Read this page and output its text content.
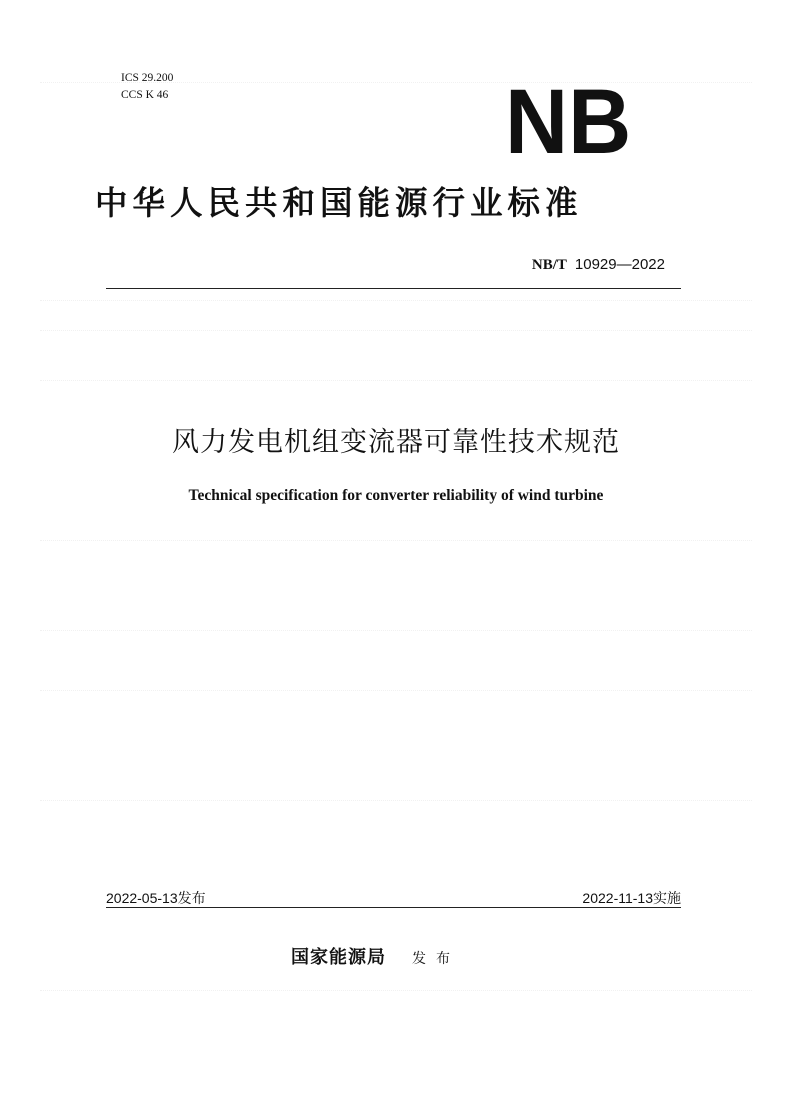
ICS 29.200
CCS K 46	NB
中华人民共和国能源行业标准
NB/T 10929—2022
风力发电机组变流器可靠性技术规范
Technical specification for converter reliability of wind turbine
2022-05-13发布	2022-11-13实施
国家能源局 发布
